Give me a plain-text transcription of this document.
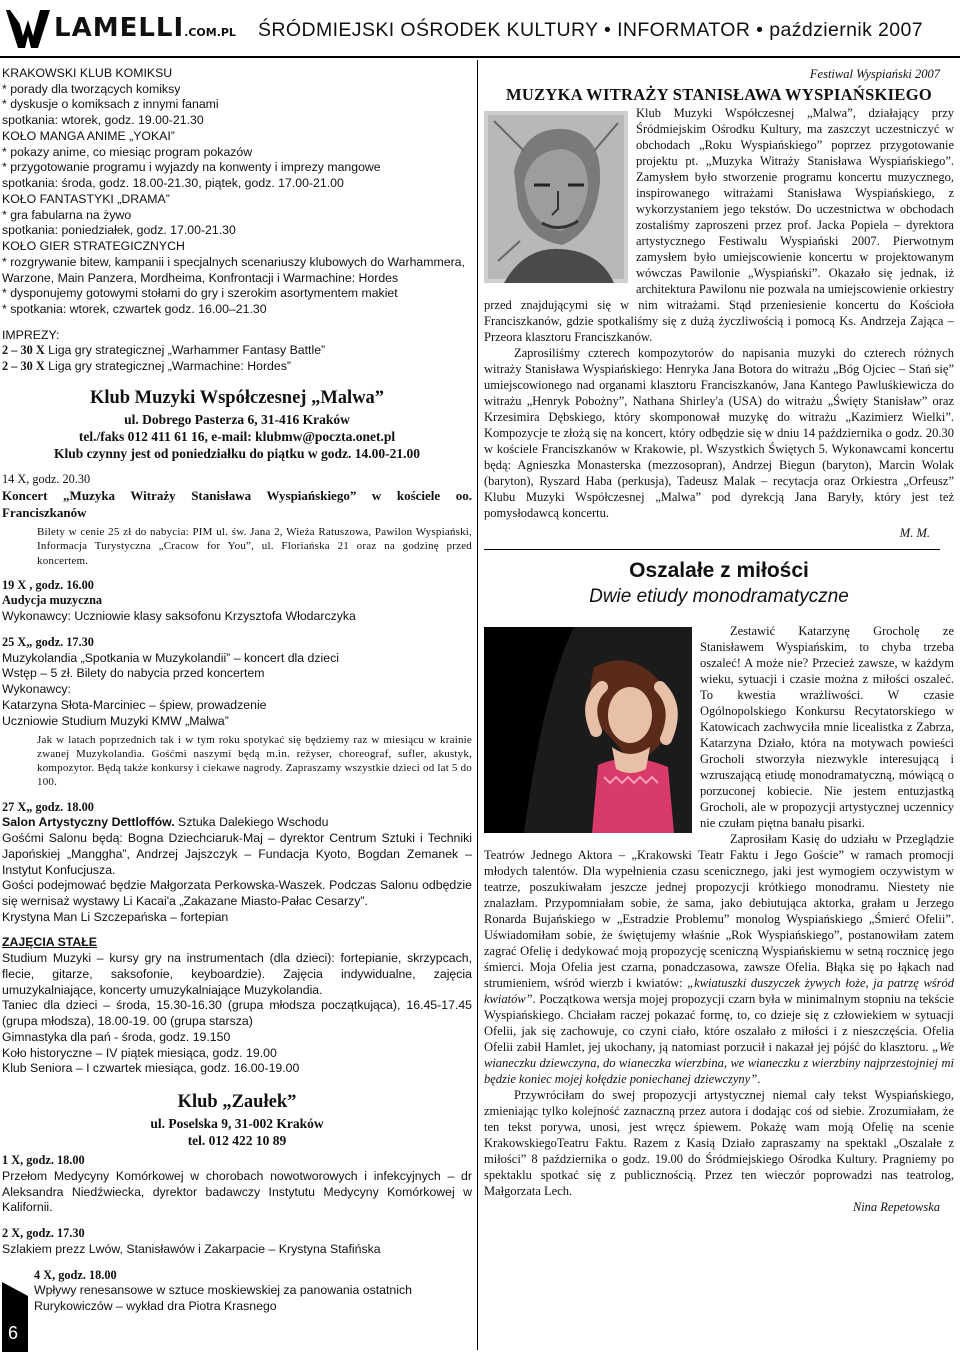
LAMELLI.COM.PL ŚRÓDMIEJSKI OŚRODEK KULTURY • INFORMATOR • październik 2007

KRAKOWSKI KLUB KOMIKSU

* porady dla tworzących komiksy

* dyskusje o komiksach z innymi fanami

spotkania: wtorek, godz. 19.00-21.30

KOŁO MANGA ANIME „YOKAI”

* pokazy anime, co miesiąc program pokazów

* przygotowanie programu i wyjazdy na konwenty i imprezy mangowe

spotkania: środa, godz. 18.00-21.30, piątek, godz. 17.00-21.00

KOŁO FANTASTYKI „DRAMA”

* gra fabularna na żywo

spotkania: poniedziałek, godz. 17.00-21.30

KOŁO GIER STRATEGICZNYCH

* rozgrywanie bitew, kampanii i specjalnych scenariuszy klubowych do Warhammera, Warzone, Main Panzera, Mordheima, Konfrontacji i Warmachine: Hordes

* dysponujemy gotowymi stołami do gry i szerokim asortymentem makiet

* spotkania: wtorek, czwartek godz. 16.00–21.30

IMPREZY:

2 – 30 X Liga gry strategicznej „Warhammer Fantasy Battle”

2 – 30 X Liga gry strategicznej „Warmachine: Hordes”

Klub Muzyki Współczesnej „Malwa”

ul. Dobrego Pasterza 6, 31-416 Kraków

tel./faks 012 411 61 16, e-mail: klubmw@poczta.onet.pl

Klub czynny jest od poniedziałku do piątku w godz. 14.00-21.00

14 X, godz. 20.30

Koncert „Muzyka Witraży Stanisława Wyspiańskiego” w kościele oo. Franciszkanów

Bilety w cenie 25 zł do nabycia: PIM ul. św. Jana 2, Wieża Ratuszowa, Pawilon Wyspiański, Informacja Turystyczna „Cracow for You”, ul. Floriańska 21 oraz na godzinę przed koncertem.

19 X , godz. 16.00

Audycja muzyczna

Wykonawcy: Uczniowie klasy saksofonu Krzysztofa Włodarczyka

25 X„ godz. 17.30

Muzykolandia „Spotkania w Muzykolandii” – koncert dla dzieci

Wstęp – 5 zł. Bilety do nabycia przed koncertem

Wykonawcy:

Katarzyna Słota-Marciniec – śpiew, prowadzenie

Uczniowie Studium Muzyki KMW „Malwa”

Jak w latach poprzednich tak i w tym roku spotykać się będziemy raz w miesiącu w krainie zwanej Muzykolandia. Gośćmi naszymi będą m.in. reżyser, choreograf, sufler, akustyk, kompozytor. Będą także konkursy i ciekawe nagrody. Zapraszamy wszystkie dzieci od lat 5 do 100.

27 X„ godz. 18.00

Salon Artystyczny Dettloffów. Sztuka Dalekiego Wschodu

Gośćmi Salonu będą: Bogna Dziechciaruk-Maj – dyrektor Centrum Sztuki i Techniki Japońskiej „Manggha”, Andrzej Jajszczyk – Fundacja Kyoto, Bogdan Zemanek – Instytut Konfucjusza.

Gości podejmować będzie Małgorzata Perkowska-Waszek. Podczas Salonu odbędzie się wernisaż wystawy Li Kacai'a „Zakazane Miasto-Pałac Cesarzy”.

Krystyna Man Li Szczepańska – fortepian

ZAJĘCIA STAŁE

Studium Muzyki – kursy gry na instrumentach (dla dzieci): fortepianie, skrzypcach, flecie, gitarze, saksofonie, keyboardzie). Zajęcia indywidualne, zajęcia umuzykalniające, koncerty umuzykalniające Muzykolandia.

Taniec dla dzieci – środa, 15.30-16.30 (grupa młodsza początkująca), 16.45-17.45 (grupa młodsza), 18.00-19. 00 (grupa starsza)

Gimnastyka dla pań - środa, godz. 19.150

Koło historyczne – IV piątek miesiąca, godz. 19.00

Klub Seniora – I czwartek miesiąca, godz. 16.00-19.00

Klub „Zaułek”

ul. Poselska 9, 31-002 Kraków

tel. 012 422 10 89

1 X, godz. 18.00

Przełom Medycyny Komórkowej w chorobach nowotworowych i infekcyjnych – dr Aleksandra Niedźwiecka, dyrektor badawczy Instytutu Medycyny Komórkowej w Kalifornii.

2 X, godz. 17.30

Szlakiem prezz Lwów, Stanisławów i Zakarpacie – Krystyna Stafińska

4 X, godz. 18.00

Wpływy renesansowe w sztuce moskiewskiej za panowania ostatnich Rurykowiczów – wykład dra Piotra Krasnego

6

Festiwal Wyspiański 2007

MUZYKA WITRAŻY STANISŁAWA WYSPIAŃSKIEGO

Klub Muzyki Współczesnej „Malwa”, działający przy Śródmiejskim Ośrodku Kultury, ma zaszczyt uczestniczyć w obchodach „Roku Wyspiańskiego” poprzez przygotowanie projektu pt. „Muzyka Witraży Stanisława Wyspiańskiego”. Zamysłem było stworzenie programu koncertu muzycznego, inspirowanego witrażami Stanisława Wyspiańskiego, z wykorzystaniem jego tekstów. Do uczestnictwa w obchodach zostaliśmy zaproszeni przez prof. Jacka Popiela – dyrektora artystycznego Festiwalu Wyspiański 2007. Pierwotnym zamysłem było umiejscowienie koncertu w projektowanym wówczas Pawilonie „Wyspiański”. Okazało się jednak, iż architektura Pawilonu nie pozwala na umiejscowienie orkiestry przed znajdującymi się w nim witrażami. Stąd przeniesienie koncertu do Kościoła Franciszkanów, gdzie spotkaliśmy się z dużą życzliwością i pomocą Ks. Andrzeja Zająca – Przeora klasztoru Franciszkanów.

Zaprosiliśmy czterech kompozytorów do napisania muzyki do czterech różnych witraży Stanisława Wyspiańskiego: Henryka Jana Botora do witrażu „Bóg Ojciec – Stań się” umiejscowionego nad organami klasztoru Franciszkanów, Jana Kantego Pawluśkiewicza do witrażu „Henryk Pobożny”, Nathana Shirley'a (USA) do witrażu „Święty Stanisław” oraz Krzesimira Dębskiego, który skomponował muzykę do witrażu „Kazimierz Wielki”. Kompozycje te złożą się na koncert, który odbędzie się w dniu 14 października o godz. 20.30 w kościele Franciszkanów w Krakowie, pl. Wszystkich Świętych 5. Wykonawcami koncertu będą: Agnieszka Monasterska (mezzosopran), Andrzej Biegun (baryton), Marcin Wolak (baryton), Ryszard Haba (perkusja), Tadeusz Malak – recytacja oraz Orkiestra „Orfeusz” Klubu Muzyki Współczesnej „Malwa” pod dyrekcją Jana Baryły, który jest też pomysłodawcą koncertu.

M. M.

Oszalałe z miłości

Dwie etiudy monodramatyczne

Zestawić Katarzynę Grocholę ze Stanisławem Wyspiańskim, to chyba trzeba oszaleć! A może nie? Przecież zawsze, w każdym wieku, sytuacji i czasie można z miłości oszaleć. To kwestia wrażliwości. W czasie Ogólnopolskiego Konkursu Recytatorskiego w Katowicach zachwyciła mnie licealistka z Zabrza, Katarzyna Działo, która na motywach powieści Grocholi stworzyła niezwykle interesującą i wzruszającą etiudę monodramatyczną, mówiącą o porzuconej kobiecie. Nie jestem entuzjastką Grocholi, ale w propozycji artystycznej uczennicy nie czułam piętna banału pisarki.

Zaprosiłam Kasię do udziału w Przeglądzie Teatrów Jednego Aktora – „Krakowski Teatr Faktu i Jego Goście” w ramach promocji młodych talentów. Dla wypełnienia czasu scenicznego, jaki jest wymogiem oczywistym w teatrze, poszukiwałam jeszcze jednej propozycji krótkiego monodramu. Niestety nie znalazłam. Przypomniałam sobie, że sama, jako debiutująca aktorka, grałam u Jerzego Ronarda Bujańskiego w „Estradzie Problemu” monolog Wyspiańskiego „Śmierć Ofelii”. Uświadomiłam sobie, że świętujemy właśnie „Rok Wyspiańskiego”, postanowiłam zatem zagrać Ofelię i dedykować moją propozycję sceniczną Wyspiańskiemu w setną rocznicę jego śmierci. Moja Ofelia jest czarna, ponadczasowa, zawsze Ofelia. Błąka się po łąkach nad strumieniem, wśród wierzb i kwiatów: „kwiatuszki duszyczek żywych łoże, ja patrzę wśród kwiatów”. Początkowa wersja mojej propozycji czarn była w minimalnym stopniu na tekście Wyspiańskiego. Chciałam raczej pokazać formę, to, co dzieje się z człowiekiem w sytuacji Ofelii, jak się zachowuje, co czyni ciało, które oszalało z miłości i z nieszczęścia. Ofelia Ofelii zabił Hamlet, jej ukochany, ją natomiast porzucił i nakazał jej pójść do klasztoru. „We wianeczku dziewczyna, do wianeczka wierzbina, we wianeczku z wierzbiny najprzestojniej mi będzie koniec mojej kołędzie poniechanej dziewczyny”.

Przywróciłam do swej propozycji artystycznej niemal cały tekst Wyspiańskiego, zmieniając tylko kolejność zaznaczną przez autora i dodając coś od siebie. Zrozumiałam, że ten tekst porywa, unosi, jest wręcz śpiewem. Pokażę wam moją Ofelię na scenie KrakowskiegoTeatru Faktu. Razem z Kasią Działo zapraszamy na spektakl „Oszalałe z miłości” 8 października o godz. 19.00 do Śródmiejskiego Ośrodka Kultury. Pragniemy po spektaklu spotkać się z publicznością. Przez ten wieczór poprowadzi nas teatrolog, Małgorzata Lech.

Nina Repetowska
